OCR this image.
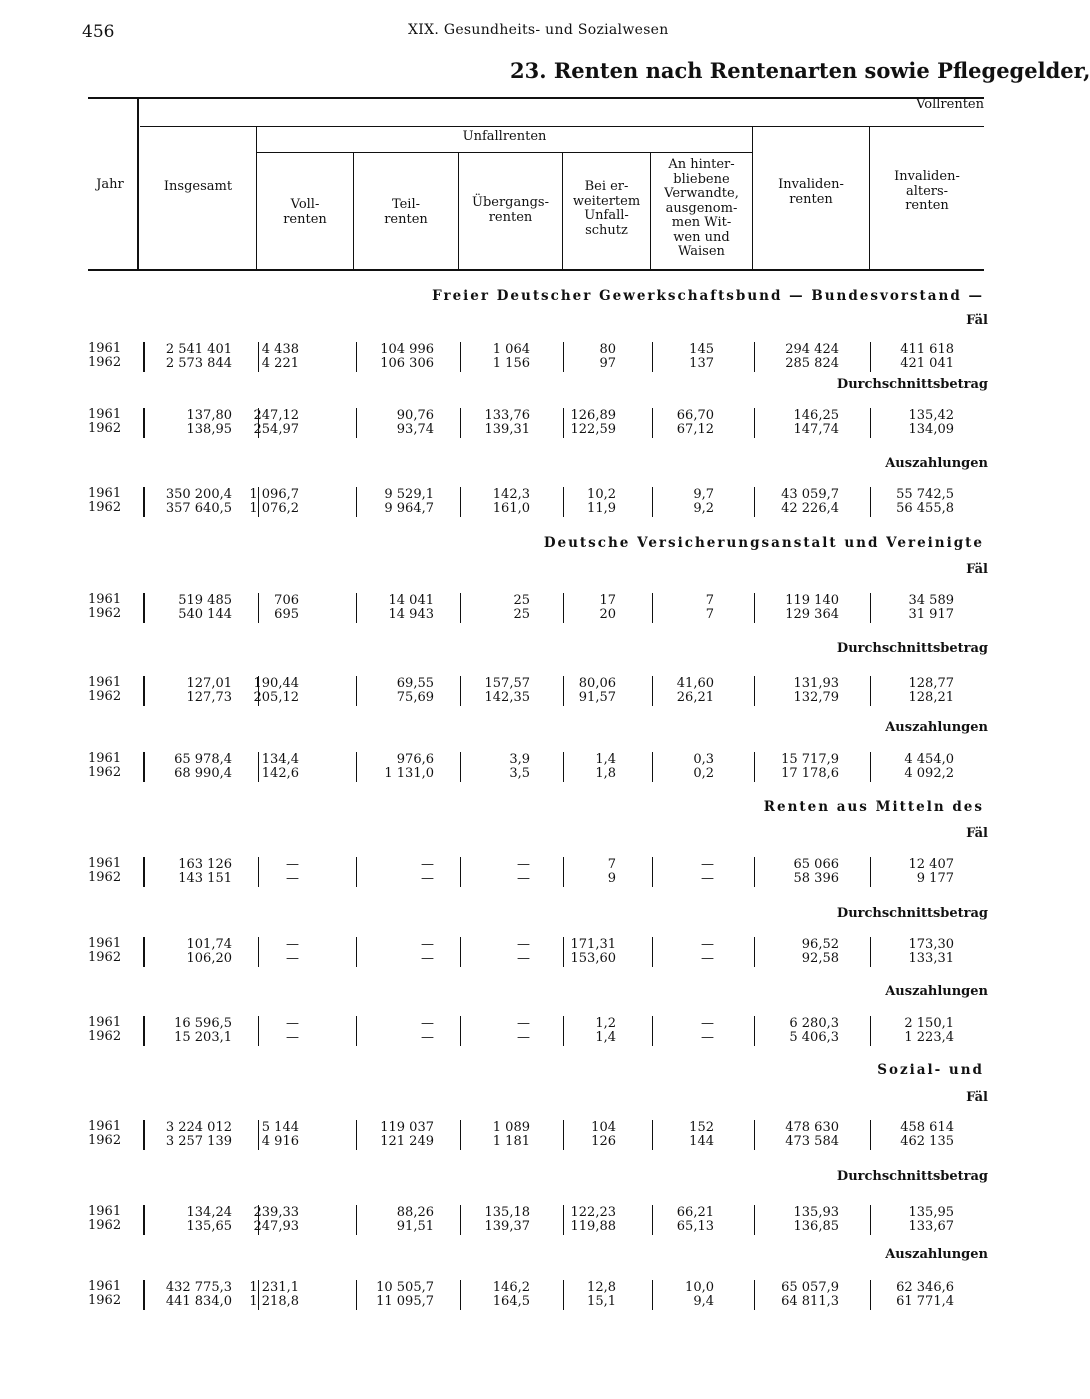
456	XIX. Gesundheits- und Sozialwesen
23. Renten nach Rentenarten sowie Pflegegelder,
Vollrenten
Jahr	Insgesamt
Unfallrenten
Voll-
renten
Teil-
renten
Übergangs-
renten
Bei er-
weitertem
Unfall-
schutz
An hinter-
bliebene
Verwandte,
ausgenom-
men Wit-
wen und
Waisen
Invaliden-
renten
Invaliden-
alters-
renten
Freier Deutscher Gewerkschaftsbund — Bundesvorstand —
Fäl
1961
1962
2 541 401
2 573 844
4 438
4 221
104 996
106 306
1 064
1 156
80
97
145
137
294 424
285 824
411 618
421 041
Durchschnittsbetrag
1961
1962
137,80
138,95
247,12
254,97
90,76
93,74
133,76
139,31
126,89
122,59
66,70
67,12
146,25
147,74
135,42
134,09
Auszahlungen
1961
1962
350 200,4
357 640,5
1 096,7
1 076,2
9 529,1
9 964,7
142,3
161,0
10,2
11,9
9,7
9,2
43 059,7
42 226,4
55 742,5
56 455,8
Deutsche Versicherungsanstalt und Vereinigte
Fäl
1961
1962
519 485
540 144
706
695
14 041
14 943
25
25
17
20
7
7
119 140
129 364
34 589
31 917
Durchschnittsbetrag
1961
1962
127,01
127,73
190,44
205,12
69,55
75,69
157,57
142,35
80,06
91,57
41,60
26,21
131,93
132,79
128,77
128,21
Auszahlungen
1961
1962
65 978,4
68 990,4
134,4
142,6
976,6
1 131,0
3,9
3,5
1,4
1,8
0,3
0,2
15 717,9
17 178,6
4 454,0
4 092,2
Renten aus Mitteln des
Fäl
1961
1962
163 126
143 151
—
—
—
—
—
—
7
9
—
—
65 066
58 396
12 407
9 177
Durchschnittsbetrag
1961
1962
101,74
106,20
—
—
—
—
—
—
171,31
153,60
—
—
96,52
92,58
173,30
133,31
Auszahlungen
1961
1962
16 596,5
15 203,1
—
—
—
—
—
—
1,2
1,4
—
—
6 280,3
5 406,3
2 150,1
1 223,4
Sozial- und
Fäl
1961
1962
3 224 012
3 257 139
5 144
4 916
119 037
121 249
1 089
1 181
104
126
152
144
478 630
473 584
458 614
462 135
Durchschnittsbetrag
1961
1962
134,24
135,65
239,33
247,93
88,26
91,51
135,18
139,37
122,23
119,88
66,21
65,13
135,93
136,85
135,95
133,67
Auszahlungen
1961
1962
432 775,3
441 834,0
1 231,1
1 218,8
10 505,7
11 095,7
146,2
164,5
12,8
15,1
10,0
9,4
65 057,9
64 811,3
62 346,6
61 771,4
